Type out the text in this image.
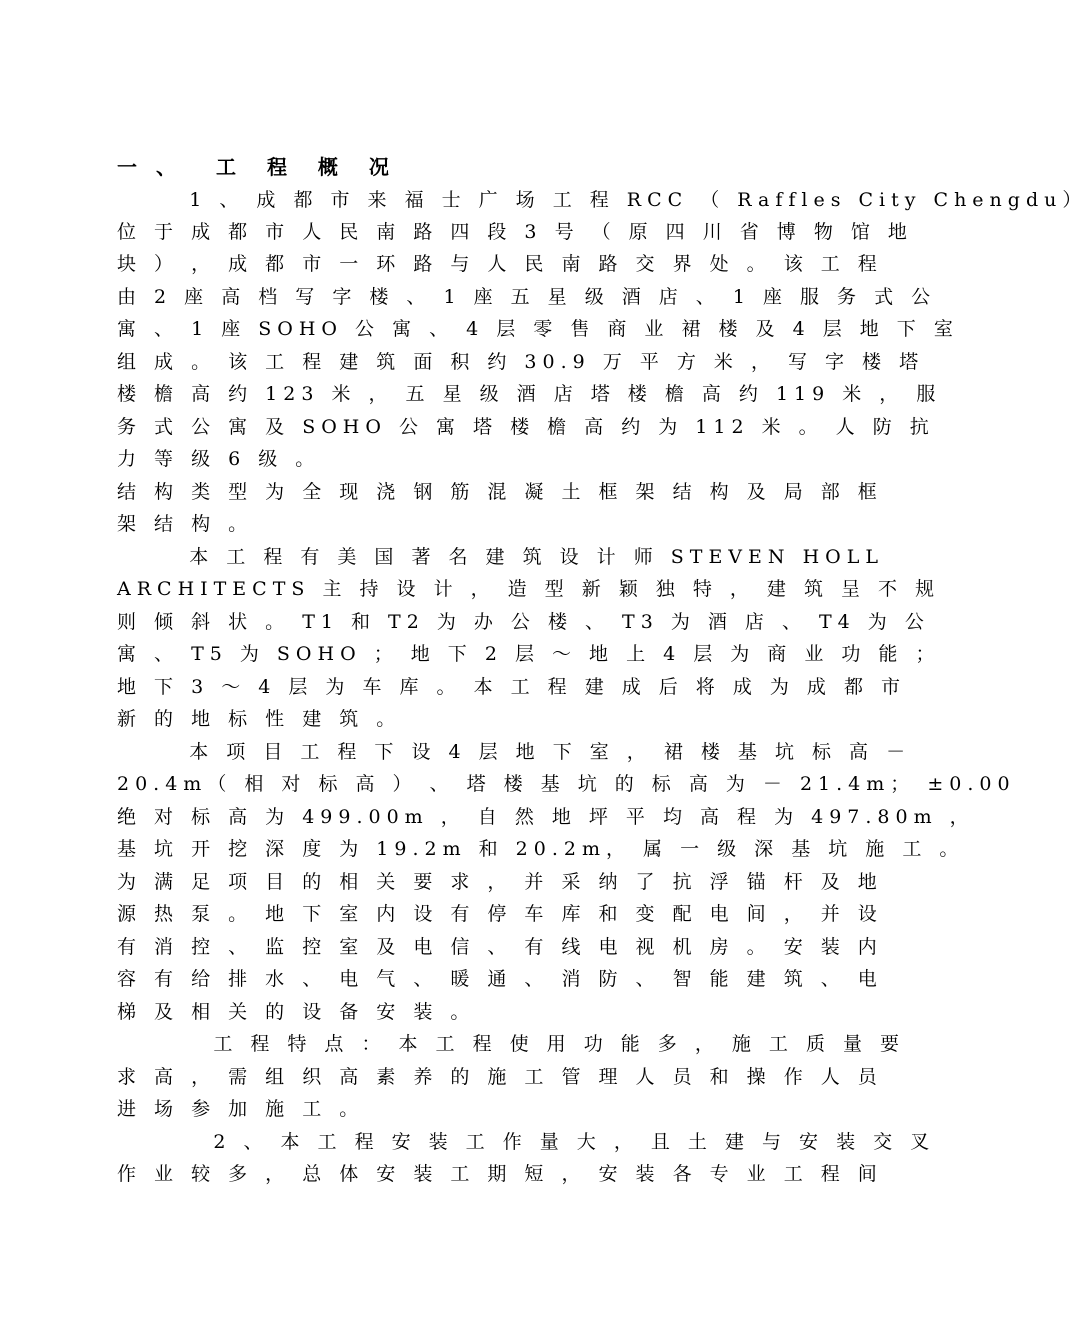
一 、 工 程 概 况
1 、 成 都 市 来 福 士 广 场 工 程 RCC （ Raffles City Chengdu）
位 于 成 都 市 人 民 南 路 四 段 3 号 （ 原 四 川 省 博 物 馆 地
块 ） ， 成 都 市 一 环 路 与 人 民 南 路 交 界 处 。 该 工 程
由 2 座 高 档 写 字 楼 、 1 座 五 星 级 酒 店 、 1 座 服 务 式 公
寓 、 1 座 SOHO 公 寓 、 4 层 零 售 商 业 裙 楼 及 4 层 地 下 室
组 成 。 该 工 程 建 筑 面 积 约 30.9 万 平 方 米 ， 写 字 楼 塔
楼 檐 高 约 123 米 ， 五 星 级 酒 店 塔 楼 檐 高 约 119 米 ， 服
务 式 公 寓 及 SOHO 公 寓 塔 楼 檐 高 约 为 112 米 。 人 防 抗
力 等 级 6 级 。
结 构 类 型 为 全 现 浇 钢 筋 混 凝 土 框 架 结 构 及 局 部 框
架 结 构 。
本 工 程 有 美 国 著 名 建 筑 设 计 师 STEVEN HOLL
ARCHITECTS 主 持 设 计 ， 造 型 新 颖 独 特 ， 建 筑 呈 不 规
则 倾 斜 状 。 T1 和 T2 为 办 公 楼 、 T3 为 酒 店 、 T4 为 公
寓 、 T5 为 SOHO ； 地 下 2 层 ～ 地 上 4 层 为 商 业 功 能 ；
地 下 3 ～ 4 层 为 车 库 。 本 工 程 建 成 后 将 成 为 成 都 市
新 的 地 标 性 建 筑 。
本 项 目 工 程 下 设 4 层 地 下 室 ， 裙 楼 基 坑 标 高 －
20.4m（ 相 对 标 高 ） 、 塔 楼 基 坑 的 标 高 为 － 21.4m； ±0.00
绝 对 标 高 为 499.00m ， 自 然 地 坪 平 均 高 程 为 497.80m ，
基 坑 开 挖 深 度 为 19.2m 和 20.2m， 属 一 级 深 基 坑 施 工 。
为 满 足 项 目 的 相 关 要 求 ， 并 采 纳 了 抗 浮 锚 杆 及 地
源 热 泵 。 地 下 室 内 设 有 停 车 库 和 变 配 电 间 ， 并 设
有 消 控 、 监 控 室 及 电 信 、 有 线 电 视 机 房 。 安 装 内
容 有 给 排 水 、 电 气 、 暖 通 、 消 防 、 智 能 建 筑 、 电
梯 及 相 关 的 设 备 安 装 。
工 程 特 点 ： 本 工 程 使 用 功 能 多 ， 施 工 质 量 要
求 高 ， 需 组 织 高 素 养 的 施 工 管 理 人 员 和 操 作 人 员
进 场 参 加 施 工 。
2 、 本 工 程 安 装 工 作 量 大 ， 且 土 建 与 安 装 交 叉
作 业 较 多 ， 总 体 安 装 工 期 短 ， 安 装 各 专 业 工 程 间
